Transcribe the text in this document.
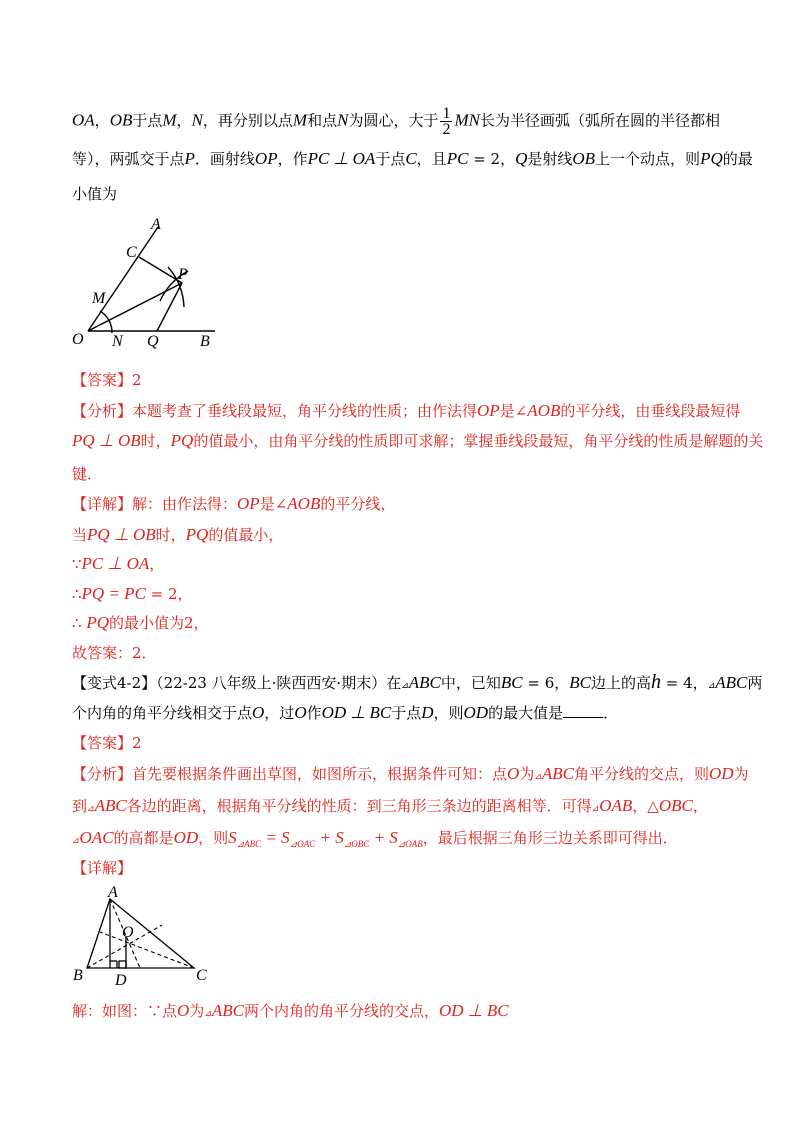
OA，OB于点M，N，再分别以点M和点N为圆心，大于 $\frac{1}{2}$ MN长为半径画弧（弧所在圆的半径都相
等），两弧交于点P．画射线OP，作PC ⊥ OA于点C，且PC = 2，Q是射线OB上一个动点，则PQ的最
小值为
A
C
P
M
O N Q	B
【答案】2
【分析】本题考查了垂线段最短，角平分线的性质；由作法得OP是∠AOB的平分线，由垂线段最短得
PQ ⊥ OB时，PQ的值最小，由角平分线的性质即可求解；掌握垂线段最短，角平分线的性质是解题的关
键．
【详解】解：由作法得：OP是∠AOB的平分线，
当PQ ⊥ OB时，PQ的值最小，
∵PC ⊥ OA，
∴PQ = PC = 2，
∴ PQ的最小值为2，
故答案：2．
【变式4-2】（22-23 八年级上·陕西西安·期末）在⊿ABC中，已知BC = 6，BC边上的高h = 4，⊿ABC两
个内角的角平分线相交于点O，过O作OD ⊥ BC于点D，则OD的最大值是	．
【答案】2
【分析】首先要根据条件画出草图，如图所示，根据条件可知：点O为⊿ABC角平分线的交点，则OD为
到⊿ABC各边的距离，根据角平分线的性质：到三角形三条边的距离相等．可得⊿OAB，△OBC，
⊿OAC的高都是OD，则$S_{⊿ABC} = S_{⊿OAC} + S_{⊿OBC} + S_{⊿OAB}$，最后根据三角形三边关系即可得出．
【详解】
A
O
B D	C
解：如图：∵点O为⊿ABC两个内角的角平分线的交点，OD ⊥ BC
